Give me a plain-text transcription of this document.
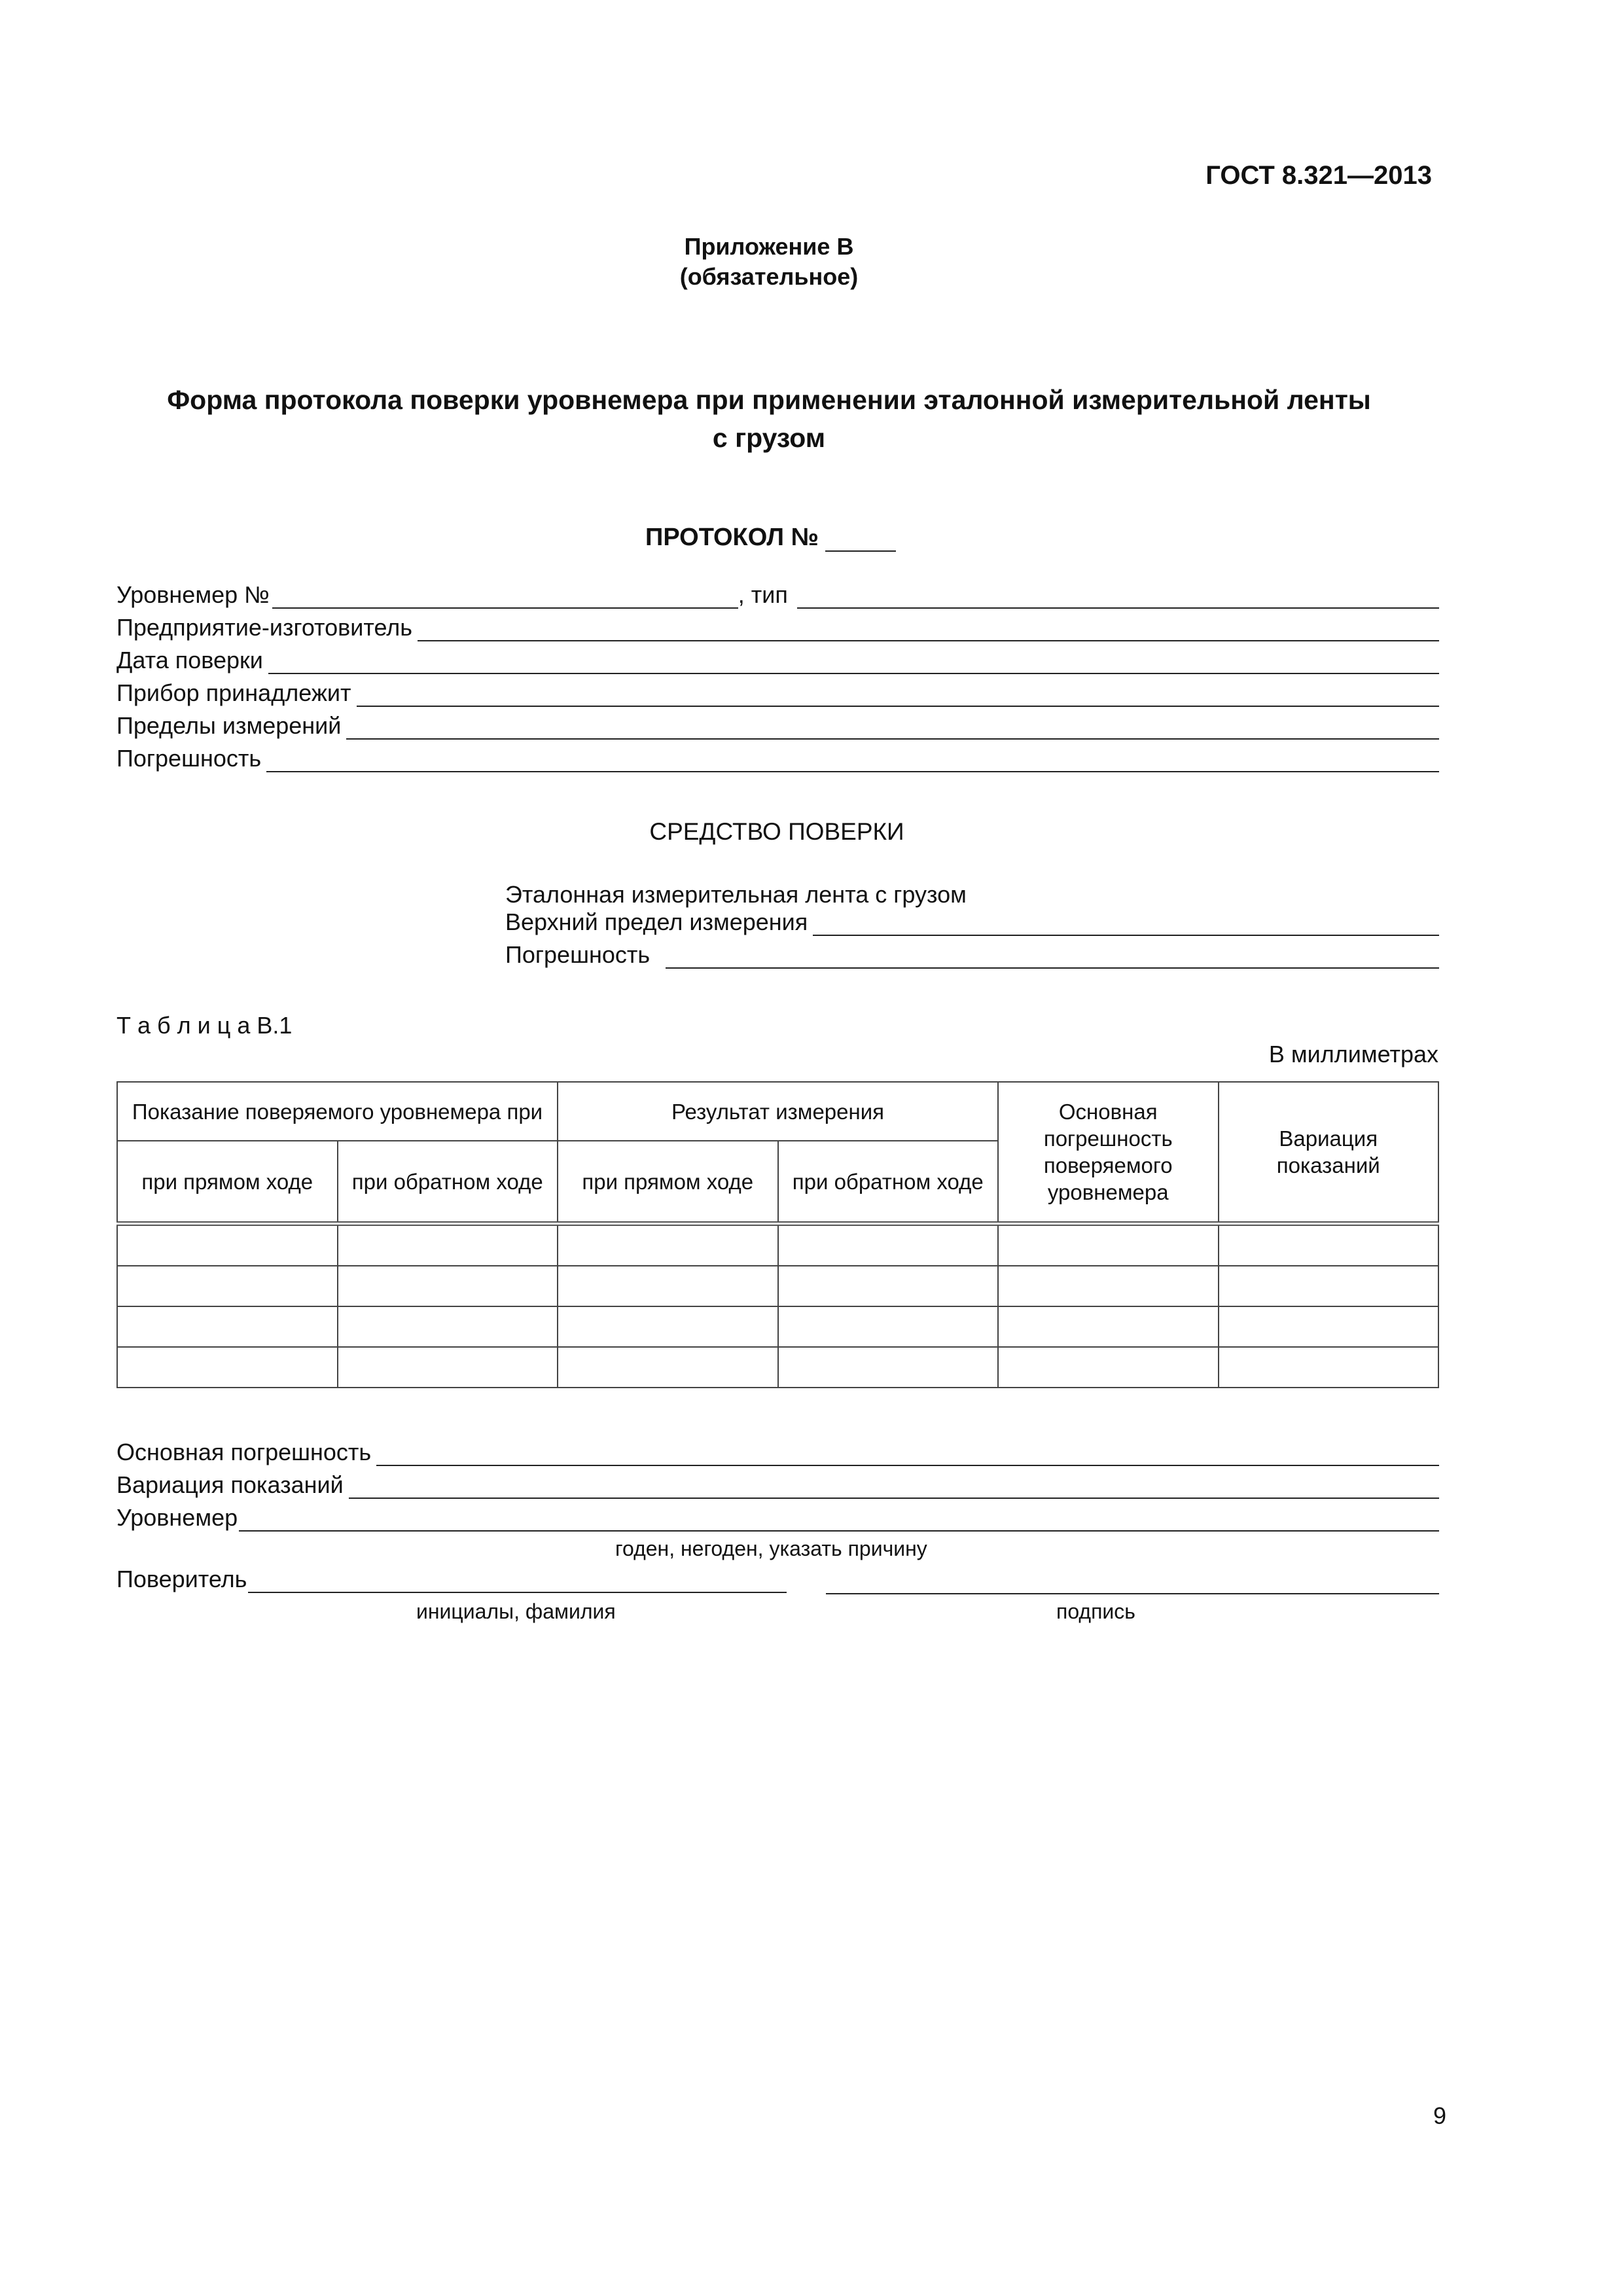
ГОСТ 8.321—2013
Приложение В
(обязательное)
Форма протокола поверки уровнемера при применении эталонной измерительной ленты
с грузом
ПРОТОКОЛ №
Уровнемер №	, тип
Предприятие-изготовитель
Дата поверки
Прибор принадлежит
Пределы измерений
Погрешность
СРЕДСТВО ПОВЕРКИ
Эталонная измерительная лента с грузом
Верхний предел измерения
Погрешность
Т а б л и ц а В.1
В миллиметрах
Показание поверяемого уровнемера при		Результат измерения		Основная погрешность поверяемого уровнемера	Вариация показаний

при прямом ходе	при обратном ходе	при прямом ходе	при обратном ходе		

Основная погрешность
Вариация показаний
Уровнемер
годен, негоден, указать причину
Поверитель
инициалы, фамилия	подпись
9
